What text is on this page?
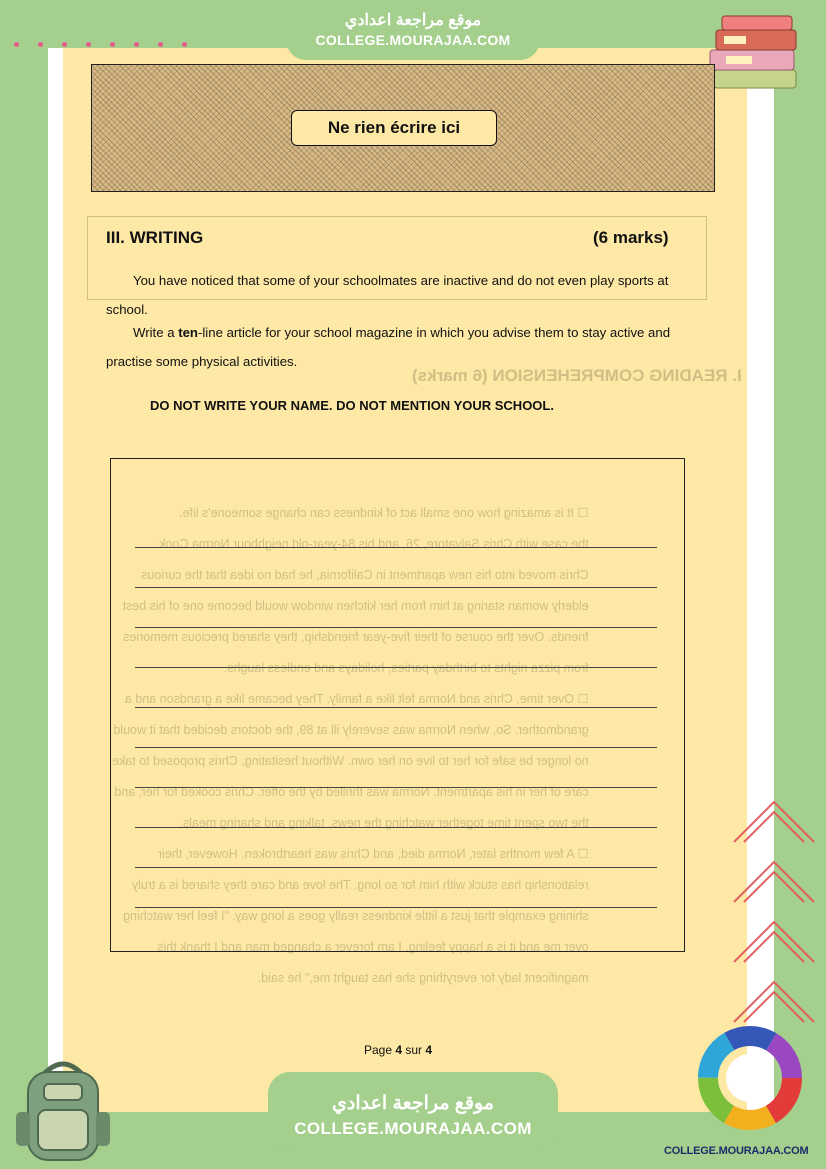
موقع مراجعة اعدادي
COLLEGE.MOURAJAA.COM
Ne rien écrire ici
I. READING COMPREHENSION (6 marks)
☐ It is amazing how one small act of kindness can change someone's life.
the case with Chris Salvatore, 26, and his 84-year-old neighbour Norma Cook.
Chris moved into his new apartment in California, he had no idea that the curious
elderly woman staring at him from her kitchen window would become one of his best
friends. Over the course of their five-year friendship, they shared precious memories
from pizza nights to birthday parties, holidays and endless laughs.
☐ Over time, Chris and Norma felt like a family. They became like a grandson and a
grandmother. So, when Norma was severely ill at 89, the doctors decided that it would
no longer be safe for her to live on her own. Without hesitating, Chris proposed to take
care of her in his apartment. Norma was thrilled by the offer. Chris cooked for her, and
the two spent time together watching the news, talking and sharing meals.
☐ A few months later, Norma died, and Chris was heartbroken. However, their
relationship has stuck with him for so long. The love and care they shared is a truly
shining example that just a little kindness really goes a long way. "I feel her watching
over me and it is a happy feeling. I am forever a changed man and I thank this
magnificent lady for everything she has taught me," he said.
III. WRITING	(6 marks)
You have noticed that some of your schoolmates are inactive and do not even play sports at school.
Write a ten-line article for your school magazine in which you advise them to stay active and practise some physical activities.
DO NOT WRITE YOUR NAME. DO NOT MENTION YOUR SCHOOL.
Page 4 sur 4
COLLEGE.MOURAJAA.COM
موقع مراجعة اعدادي
COLLEGE.MOURAJAA.COM
